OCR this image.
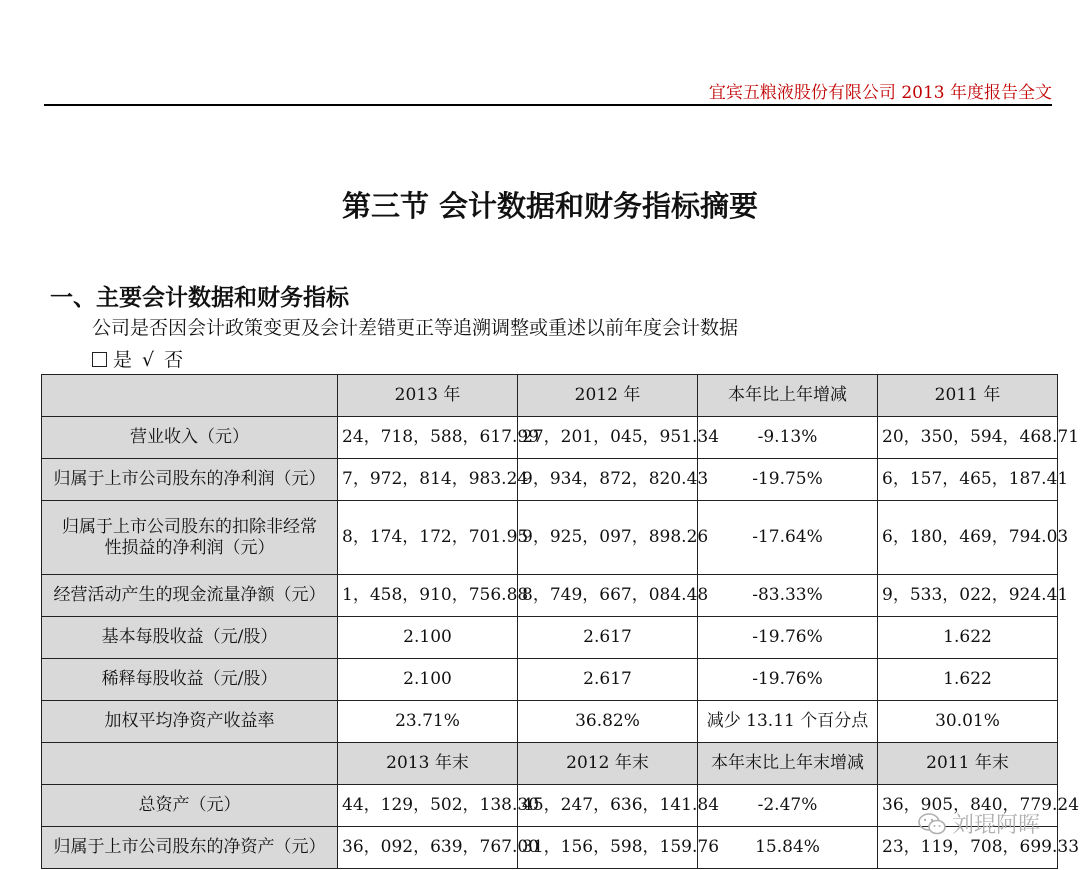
宜宾五粮液股份有限公司 2013 年度报告全文
第三节 会计数据和财务指标摘要
一、主要会计数据和财务指标
公司是否因会计政策变更及会计差错更正等追溯调整或重述以前年度会计数据
是 √ 否
	2013 年	2012 年	本年比上年增减	2011 年
营业收入（元）	24，718，588，617.99	27，201，045，951.34	-9.13%	20，350，594，468.71
归属于上市公司股东的净利润（元）	7，972，814，983.24	9，934，872，820.43	-19.75%	6，157，465，187.41
归属于上市公司股东的扣除非经常性损益的净利润（元）	8，174，172，701.95	9，925，097，898.26	-17.64%	6，180，469，794.03
经营活动产生的现金流量净额（元）	1，458，910，756.88	8，749，667，084.48	-83.33%	9，533，022，924.41
基本每股收益（元/股）	2.100	2.617	-19.76%	1.622
稀释每股收益（元/股）	2.100	2.617	-19.76%	1.622
加权平均净资产收益率	23.71%	36.82%	减少 13.11 个百分点	30.01%
	2013 年末	2012 年末	本年末比上年末增减	2011 年末
总资产（元）	44，129，502，138.30	45，247，636，141.84	-2.47%	36，905，840，779.24
归属于上市公司股东的净资产（元）	36，092，639，767.00	31，156，598，159.76	15.84%	23，119，708，699.33
刘琨阿晖
